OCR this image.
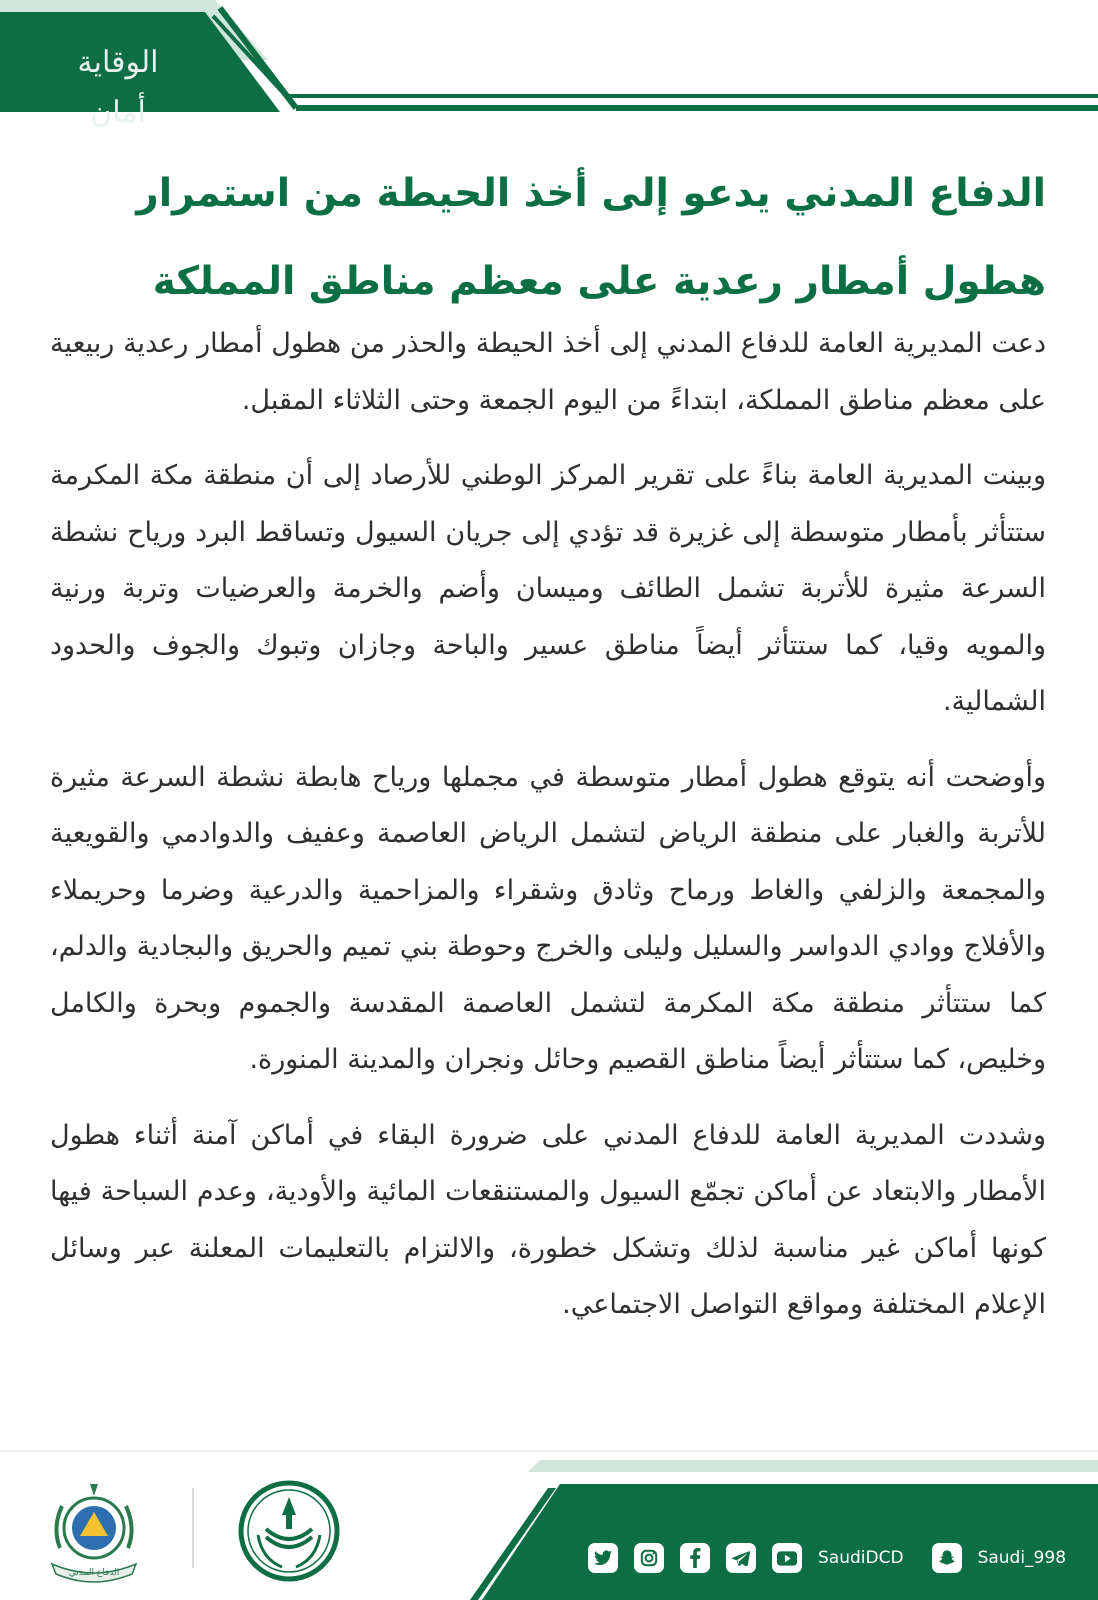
الوقاية أمان
الدفاع المدني يدعو إلى أخذ الحيطة من استمرار
هطول أمطار رعدية على معظم مناطق المملكة

دعت المديرية العامة للدفاع المدني إلى أخذ الحيطة والحذر من هطول أمطار رعدية ربيعية على معظم مناطق المملكة، ابتداءً من اليوم الجمعة وحتى الثلاثاء المقبل.

وبينت المديرية العامة بناءً على تقرير المركز الوطني للأرصاد إلى أن منطقة مكة المكرمة ستتأثر بأمطار متوسطة إلى غزيرة قد تؤدي إلى جريان السيول وتساقط البرد ورياح نشطة السرعة مثيرة للأتربة تشمل الطائف وميسان وأضم والخرمة والعرضيات وتربة ورنية والمويه وقيا، كما ستتأثر أيضاً مناطق عسير والباحة وجازان وتبوك والجوف والحدود الشمالية.

وأوضحت أنه يتوقع هطول أمطار متوسطة في مجملها ورياح هابطة نشطة السرعة مثيرة للأتربة والغبار على منطقة الرياض لتشمل الرياض العاصمة وعفيف والدوادمي والقويعية والمجمعة والزلفي والغاط ورماح وثادق وشقراء والمزاحمية والدرعية وضرما وحريملاء والأفلاج ووادي الدواسر والسليل وليلى والخرج وحوطة بني تميم والحريق والبجادية والدلم، كما ستتأثر منطقة مكة المكرمة لتشمل العاصمة المقدسة والجموم وبحرة والكامل وخليص، كما ستتأثر أيضاً مناطق القصيم وحائل ونجران والمدينة المنورة.

وشددت المديرية العامة للدفاع المدني على ضرورة البقاء في أماكن آمنة أثناء هطول الأمطار والابتعاد عن أماكن تجمّع السيول والمستنقعات المائية والأودية، وعدم السباحة فيها كونها أماكن غير مناسبة لذلك وتشكل خطورة، والالتزام بالتعليمات المعلنة عبر وسائل الإعلام المختلفة ومواقع التواصل الاجتماعي.

الدفاع المدني
SaudiDCD	Saudi_998
